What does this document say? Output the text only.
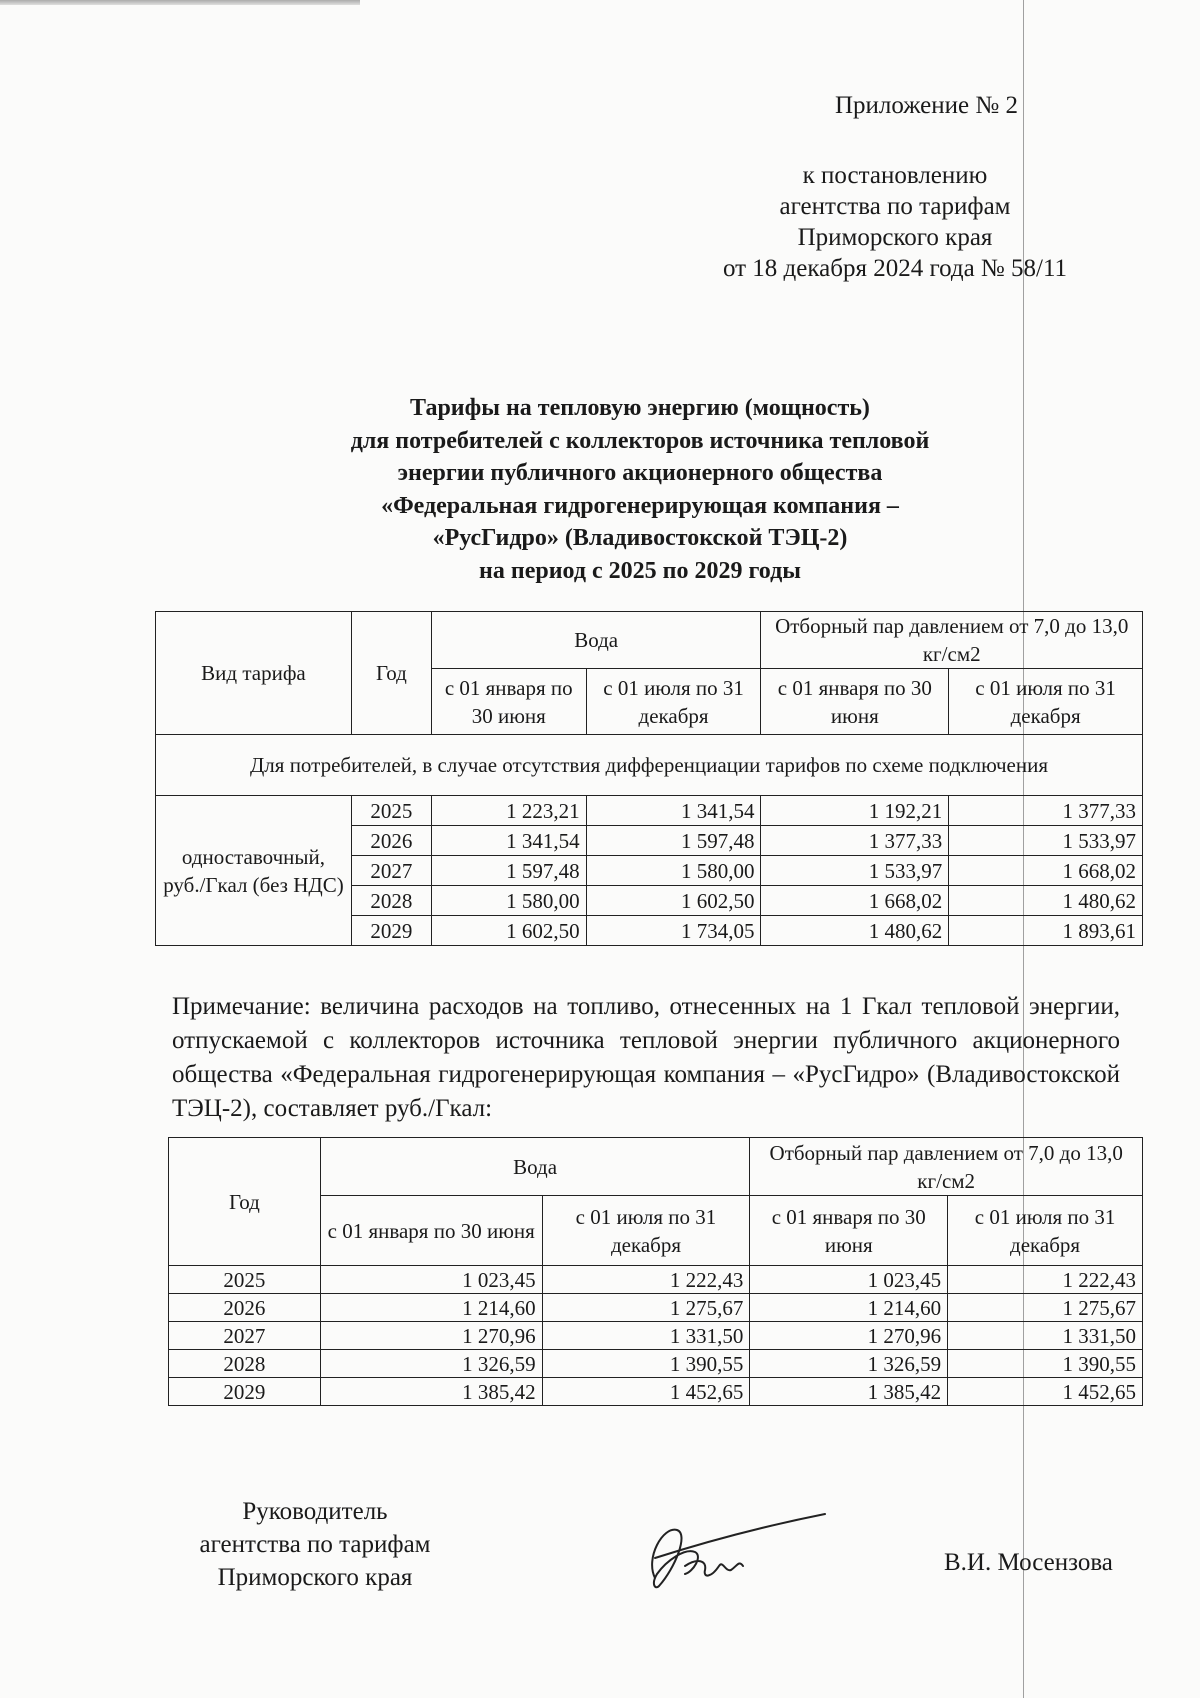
Приложение № 2
к постановлению
агентства по тарифам
Приморского края
от 18 декабря 2024 года № 58/11
Тарифы на тепловую энергию (мощность)
для потребителей с коллекторов источника тепловой
энергии публичного акционерного общества
«Федеральная гидрогенерирующая компания –
«РусГидро» (Владивостокской ТЭЦ-2)
на период с 2025 по 2029 годы
Вид тарифа	Год	Вода		Отборный пар давлением от 7,0 до 13,0 кг/см2	
		с 01 января по 30 июня	с 01 июля по 31 декабря	с 01 января по 30 июня	с 01 июля по 31 декабря
Для потребителей, в случае отсутствия дифференциации тарифов по схеме подключения					
одноставочный, руб./Гкал (без НДС)	2025	1 223,21	1 341,54	1 192,21	1 377,33
	2026	1 341,54	1 597,48	1 377,33	1 533,97
	2027	1 597,48	1 580,00	1 533,97	1 668,02
	2028	1 580,00	1 602,50	1 668,02	1 480,62
	2029	1 602,50	1 734,05	1 480,62	1 893,61
Примечание: величина расходов на топливо, отнесенных на 1 Гкал тепловой энергии, отпускаемой с коллекторов источника тепловой энергии публичного акционерного общества «Федеральная гидрогенерирующая компания – «РусГидро» (Владивостокской ТЭЦ-2), составляет руб./Гкал:
Год	Вода		Отборный пар давлением от 7,0 до 13,0 кг/см2	
	с 01 января по 30 июня	с 01 июля по 31 декабря	с 01 января по 30 июня	с 01 июля по 31 декабря
2025	1 023,45	1 222,43	1 023,45	1 222,43
2026	1 214,60	1 275,67	1 214,60	1 275,67
2027	1 270,96	1 331,50	1 270,96	1 331,50
2028	1 326,59	1 390,55	1 326,59	1 390,55
2029	1 385,42	1 452,65	1 385,42	1 452,65
Руководитель
агентства по тарифам
Приморского края
В.И. Мосензова
